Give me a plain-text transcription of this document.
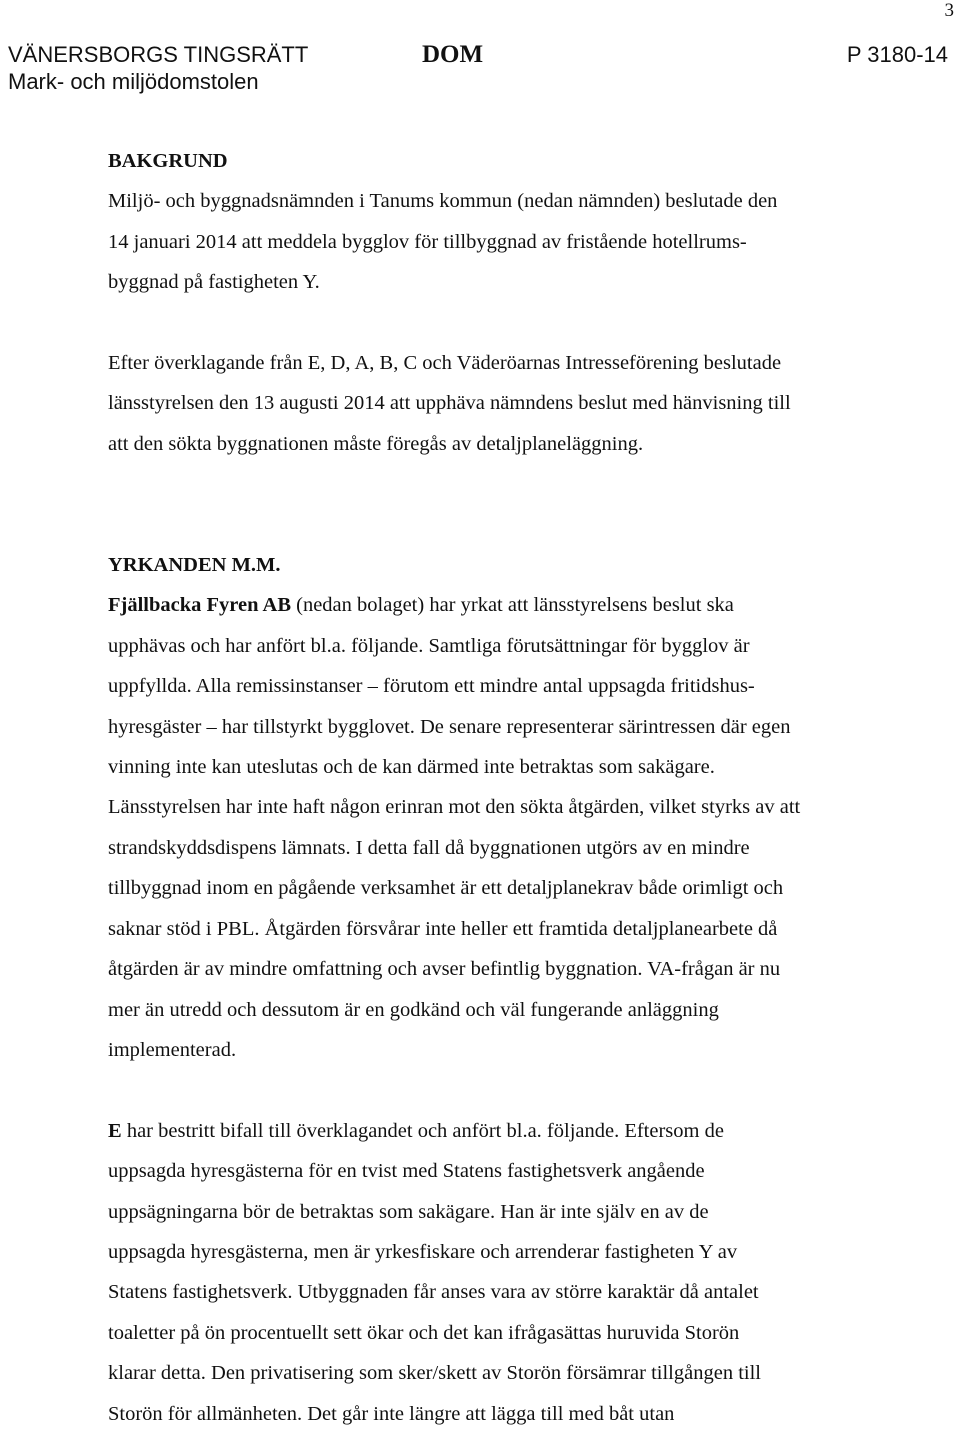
3
VÄNERSBORGS TINGSRÄTT
Mark- och miljödomstolen
DOM	P 3180-14
BAKGRUND
Miljö- och byggnadsnämnden i Tanums kommun (nedan nämnden) beslutade den
14 januari 2014 att meddela bygglov för tillbyggnad av fristående hotellrums-
byggnad på fastigheten Y.
Efter överklagande från E, D, A, B, C och Väderöarnas Intresseförening beslutade
länsstyrelsen den 13 augusti 2014 att upphäva nämndens beslut med hänvisning till
att den sökta byggnationen måste föregås av detaljplaneläggning.
YRKANDEN M.M.
Fjällbacka Fyren AB (nedan bolaget) har yrkat att länsstyrelsens beslut ska
upphävas och har anfört bl.a. följande. Samtliga förutsättningar för bygglov är
uppfyllda. Alla remissinstanser – förutom ett mindre antal uppsagda fritidshus-
hyresgäster – har tillstyrkt bygglovet. De senare representerar särintressen där egen
vinning inte kan uteslutas och de kan därmed inte betraktas som sakägare.
Länsstyrelsen har inte haft någon erinran mot den sökta åtgärden, vilket styrks av att
strandskyddsdispens lämnats. I detta fall då byggnationen utgörs av en mindre
tillbyggnad inom en pågående verksamhet är ett detaljplanekrav både orimligt och
saknar stöd i PBL. Åtgärden försvårar inte heller ett framtida detaljplanearbete då
åtgärden är av mindre omfattning och avser befintlig byggnation. VA-frågan är nu
mer än utredd och dessutom är en godkänd och väl fungerande anläggning
implementerad.
E har bestritt bifall till överklagandet och anfört bl.a. följande. Eftersom de
uppsagda hyresgästerna för en tvist med Statens fastighetsverk angående
uppsägningarna bör de betraktas som sakägare. Han är inte själv en av de
uppsagda hyresgästerna, men är yrkesfiskare och arrenderar fastigheten Y av
Statens fastighetsverk. Utbyggnaden får anses vara av större karaktär då antalet
toaletter på ön procentuellt sett ökar och det kan ifrågasättas huruvida Storön
klarar detta. Den privatisering som sker/skett av Storön försämrar tillgången till
Storön för allmänheten. Det går inte längre att lägga till med båt utan
